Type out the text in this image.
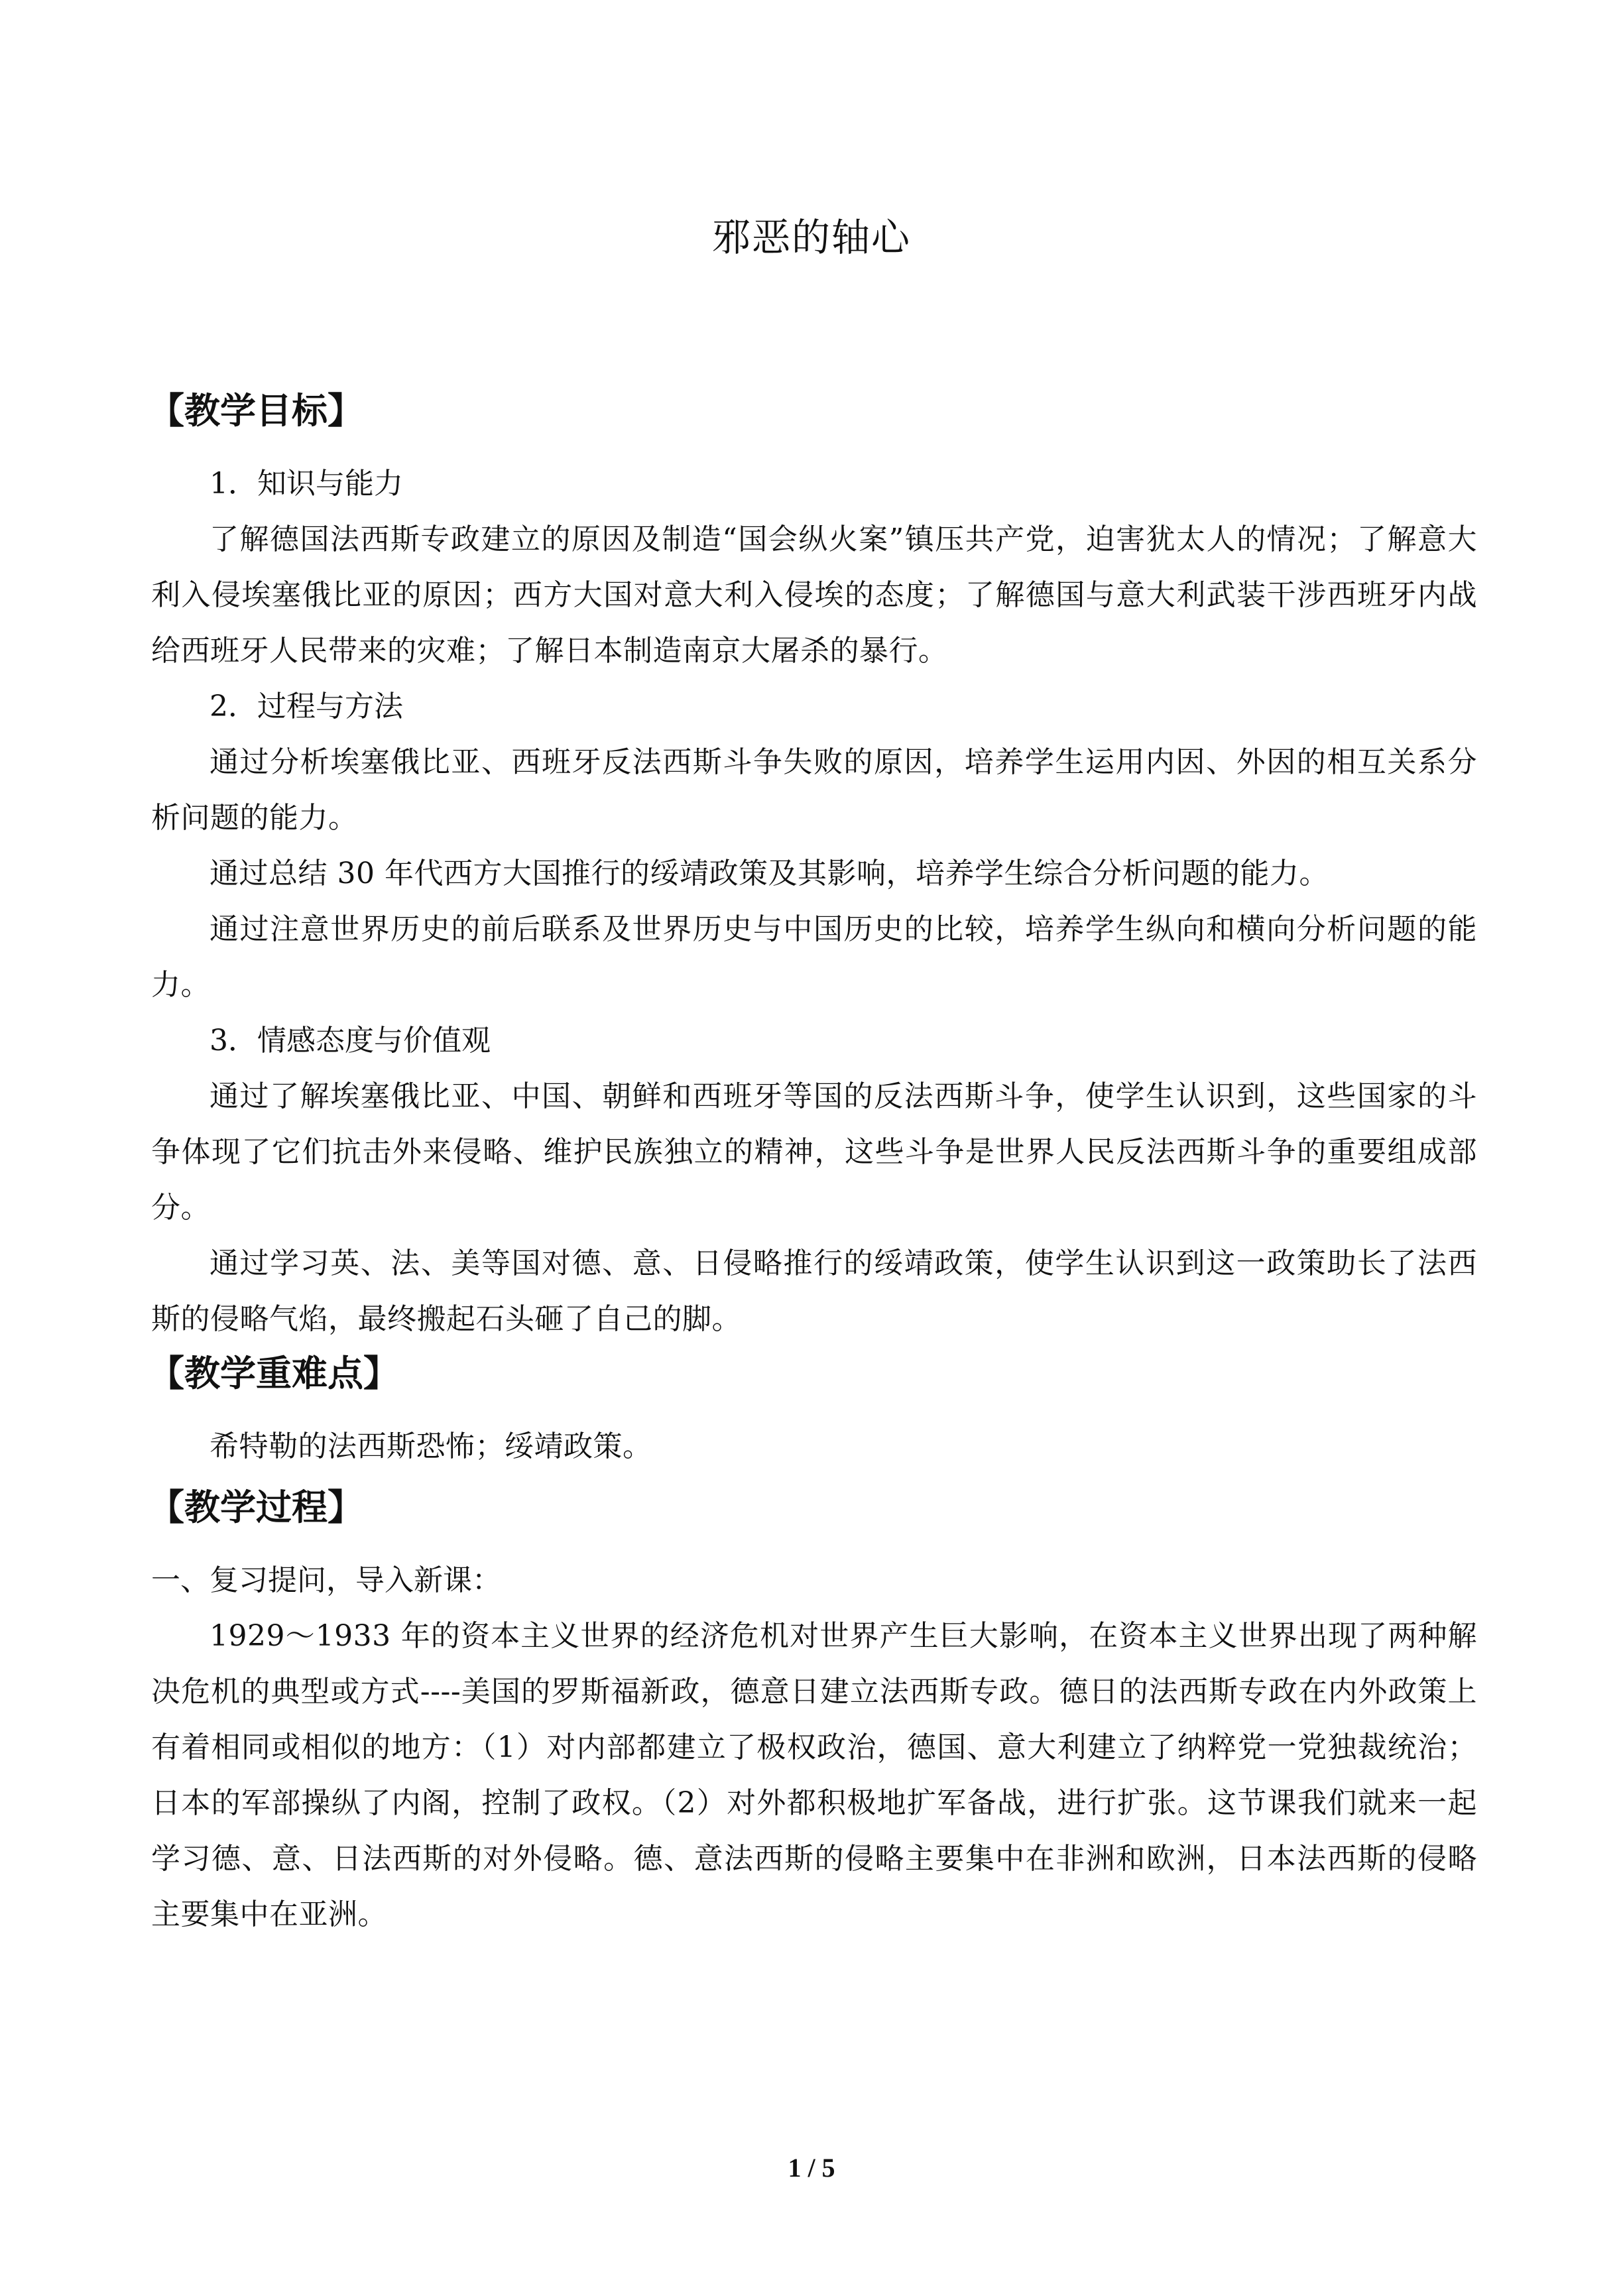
邪恶的轴心
【教学目标】

1．知识与能力

了解德国法西斯专政建立的原因及制造“国会纵火案”镇压共产党，迫害犹太人的情况；了解意大利入侵埃塞俄比亚的原因；西方大国对意大利入侵埃的态度；了解德国与意大利武装干涉西班牙内战给西班牙人民带来的灾难；了解日本制造南京大屠杀的暴行。

2．过程与方法

通过分析埃塞俄比亚、西班牙反法西斯斗争失败的原因，培养学生运用内因、外因的相互关系分析问题的能力。

通过总结 30 年代西方大国推行的绥靖政策及其影响，培养学生综合分析问题的能力。

通过注意世界历史的前后联系及世界历史与中国历史的比较，培养学生纵向和横向分析问题的能力。

3．情感态度与价值观

通过了解埃塞俄比亚、中国、朝鲜和西班牙等国的反法西斯斗争，使学生认识到，这些国家的斗争体现了它们抗击外来侵略、维护民族独立的精神，这些斗争是世界人民反法西斯斗争的重要组成部分。

通过学习英、法、美等国对德、意、日侵略推行的绥靖政策，使学生认识到这一政策助长了法西斯的侵略气焰，最终搬起石头砸了自己的脚。

【教学重难点】

希特勒的法西斯恐怖；绥靖政策。

【教学过程】

一、复习提问，导入新课：

1929～1933 年的资本主义世界的经济危机对世界产生巨大影响，在资本主义世界出现了两种解决危机的典型或方式----美国的罗斯福新政，德意日建立法西斯专政。德日的法西斯专政在内外政策上有着相同或相似的地方：（1）对内部都建立了极权政治，德国、意大利建立了纳粹党一党独裁统治；日本的军部操纵了内阁，控制了政权。（2）对外都积极地扩军备战，进行扩张。这节课我们就来一起学习德、意、日法西斯的对外侵略。德、意法西斯的侵略主要集中在非洲和欧洲，日本法西斯的侵略主要集中在亚洲。

1 / 5
